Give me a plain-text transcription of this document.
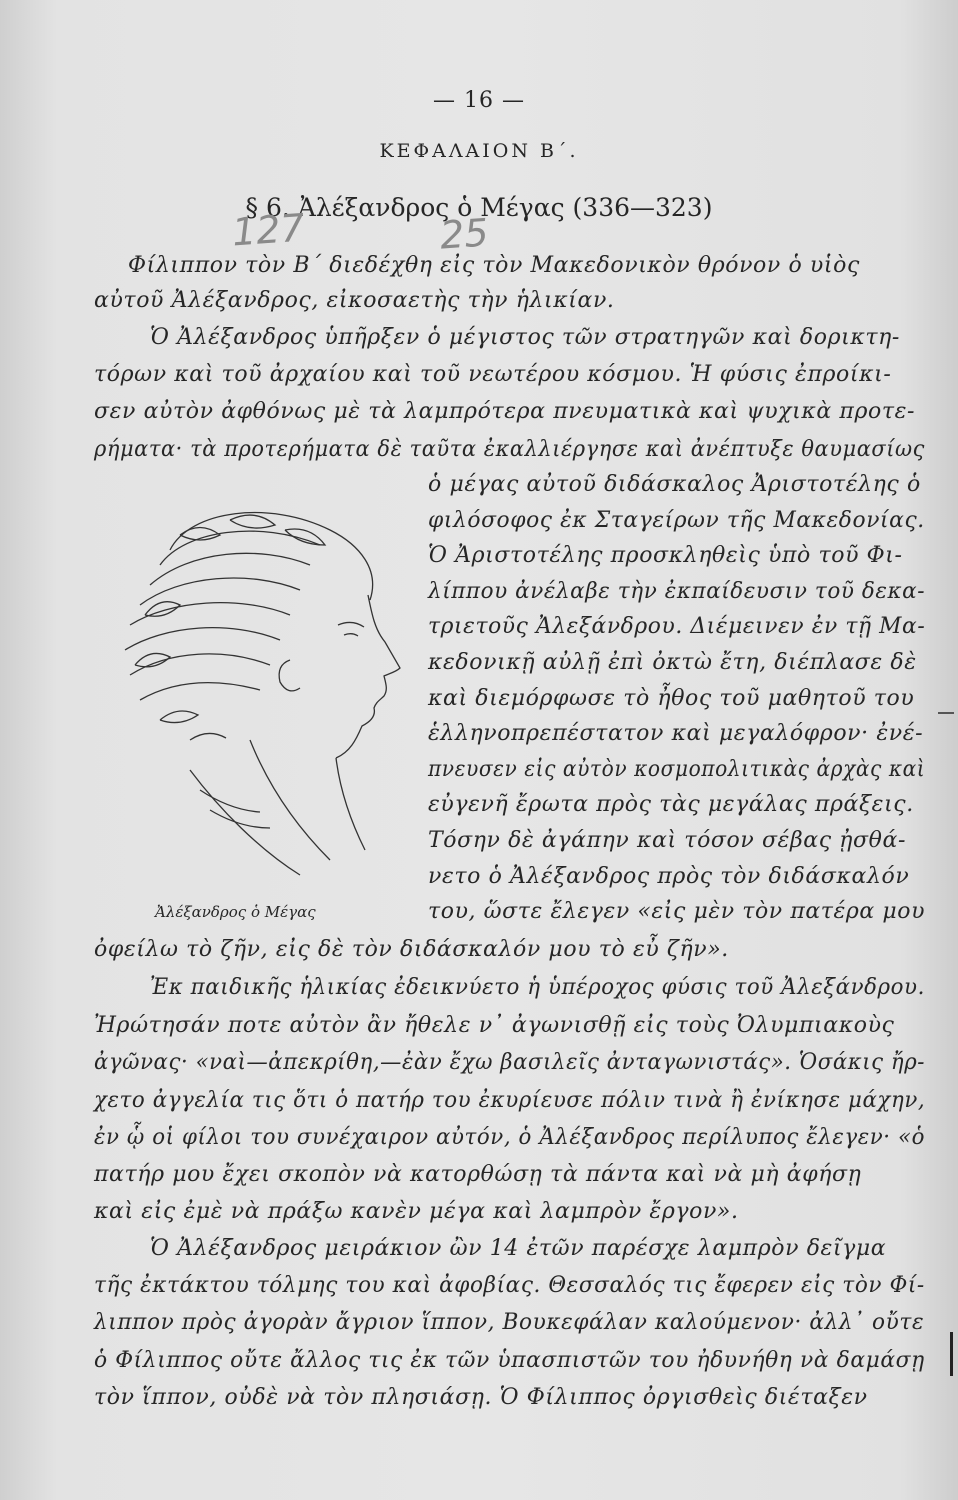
— 16 —
ΚΕΦΑΛΑΙΟΝ Β΄.
§ 6. Ἀλέξανδρος ὁ Μέγας (336—323)
127	25
Φίλιππον τὸν Β΄ διεδέχθη εἰς τὸν Μακεδονικὸν θρόνον ὁ υἱὸς
αὐτοῦ Ἀλέξανδρος, εἰκοσαετὴς τὴν ἡλικίαν.
Ὁ Ἀλέξανδρος ὑπῆρξεν ὁ μέγιστος τῶν στρατηγῶν καὶ δορικτη-
τόρων καὶ τοῦ ἀρχαίου καὶ τοῦ νεωτέρου κόσμου. Ἡ φύσις ἐπροίκι-
σεν αὐτὸν ἀφθόνως μὲ τὰ λαμπρότερα πνευματικὰ καὶ ψυχικὰ προτε-
ρήματα· τὰ προτερήματα δὲ ταῦτα ἐκαλλιέργησε καὶ ἀνέπτυξε θαυμασίως
ὁ μέγας αὐτοῦ διδάσκαλος Ἀριστοτέλης ὁ
φιλόσοφος ἐκ Σταγείρων τῆς Μακεδονίας.
Ὁ Ἀριστοτέλης προσκληθεὶς ὑπὸ τοῦ Φι-
λίππου ἀνέλαβε τὴν ἐκπαίδευσιν τοῦ δεκα-
τριετοῦς Ἀλεξάνδρου. Διέμεινεν ἐν τῇ Μα-
κεδονικῇ αὐλῇ ἐπὶ ὀκτὼ ἔτη, διέπλασε δὲ
καὶ διεμόρφωσε τὸ ἦθος τοῦ μαθητοῦ του
ἑλληνοπρεπέστατον καὶ μεγαλόφρον· ἐνέ-
πνευσεν εἰς αὐτὸν κοσμοπολιτικὰς ἀρχὰς καὶ
εὐγενῆ ἔρωτα πρὸς τὰς μεγάλας πράξεις.
Τόσην δὲ ἀγάπην καὶ τόσον σέβας ᾐσθά-
νετο ὁ Ἀλέξανδρος πρὸς τὸν διδάσκαλόν
του, ὥστε ἔλεγεν «εἰς μὲν τὸν πατέρα μου
ὀφείλω τὸ ζῆν, εἰς δὲ τὸν διδάσκαλόν μου τὸ εὖ ζῆν».
Ἐκ παιδικῆς ἡλικίας ἐδεικνύετο ἡ ὑπέροχος φύσις τοῦ Ἀλεξάνδρου.
Ἠρώτησάν ποτε αὐτὸν ἂν ἤθελε ν᾽ ἀγωνισθῇ εἰς τοὺς Ὀλυμπιακοὺς
ἀγῶνας· «ναὶ—ἀπεκρίθη,—ἐὰν ἔχω βασιλεῖς ἀνταγωνιστάς». Ὁσάκις ἤρ-
χετο ἀγγελία τις ὅτι ὁ πατήρ του ἐκυρίευσε πόλιν τινὰ ἢ ἐνίκησε μάχην,
ἐν ᾧ οἱ φίλοι του συνέχαιρον αὐτόν, ὁ Ἀλέξανδρος περίλυπος ἔλεγεν· «ὁ
πατήρ μου ἔχει σκοπὸν νὰ κατορθώσῃ τὰ πάντα καὶ νὰ μὴ ἀφήσῃ
καὶ εἰς ἐμὲ νὰ πράξω κανὲν μέγα καὶ λαμπρὸν ἔργον».
Ὁ Ἀλέξανδρος μειράκιον ὢν 14 ἐτῶν παρέσχε λαμπρὸν δεῖγμα
τῆς ἐκτάκτου τόλμης του καὶ ἀφοβίας. Θεσσαλός τις ἔφερεν εἰς τὸν Φί-
λιππον πρὸς ἀγορὰν ἄγριον ἵππον, Βουκεφάλαν καλούμενον· ἀλλ᾽ οὔτε
ὁ Φίλιππος οὔτε ἄλλος τις ἐκ τῶν ὑπασπιστῶν του ἠδυνήθη νὰ δαμάσῃ
τὸν ἵππον, οὐδὲ νὰ τὸν πλησιάσῃ. Ὁ Φίλιππος ὀργισθεὶς διέταξεν
Ἀλέξανδρος ὁ Μέγας
